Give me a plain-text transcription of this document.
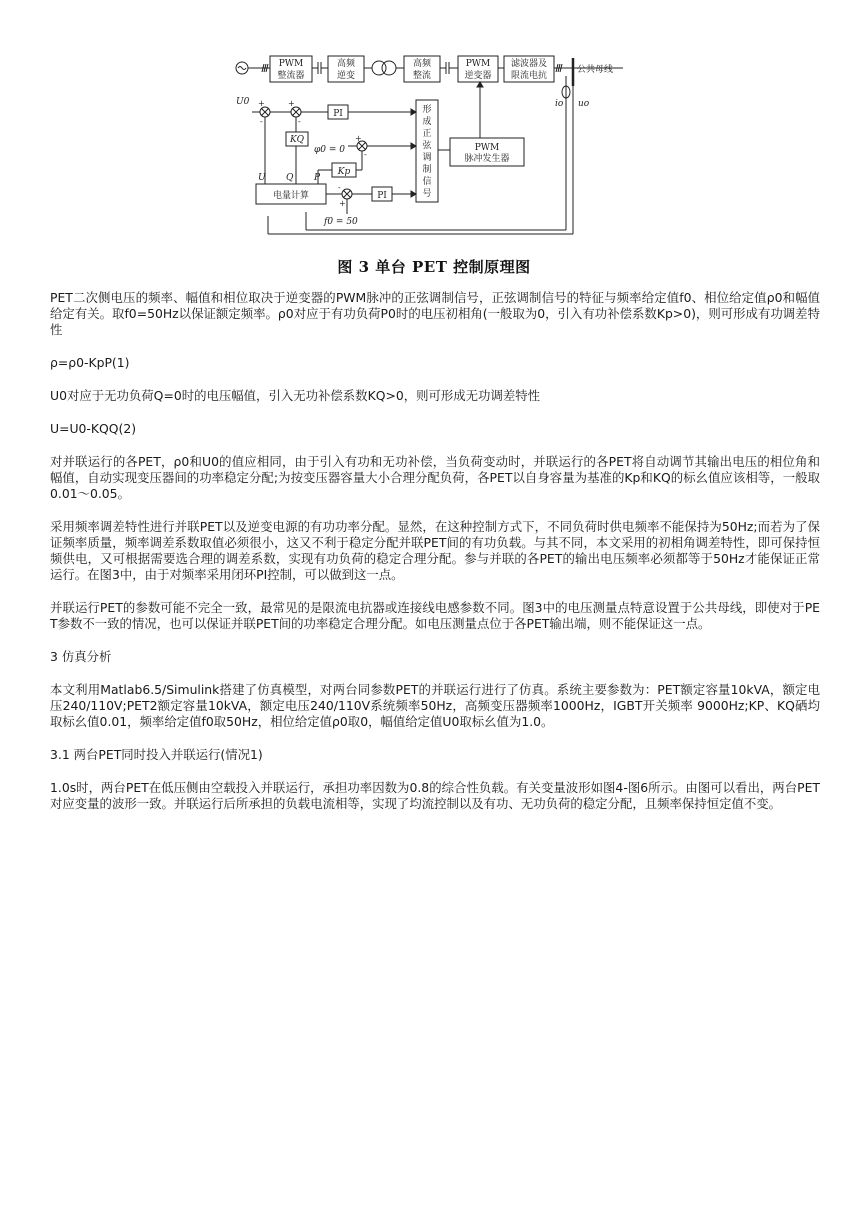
PWM
整流器
高频
逆变
高频
整流
PWM
逆变器
滤波器及
限流电抗
PI
KQ
Kp
PI
PWM
脉冲发生器
电量计算
形
成
正
弦
调
制
信
号
公共母线
U0
φ0 = 0
f0 = 50
U Q P
io uo
+
-
+
-
+
-
-
+
图 3 单台 PET 控制原理图

PET二次侧电压的频率、幅值和相位取决于逆变器的PWM脉冲的正弦调制信号，正弦调制信号的特征与频率给定值f0、相位给定值ρ0和幅值给定有关。取f0=50Hz以保证额定频率。ρ0对应于有功负荷P0时的电压初相角(一般取为0，引入有功补偿系数Kp>0)，则可形成有功调差特性

ρ=ρ0-KpP(1)

U0对应于无功负荷Q=0时的电压幅值，引入无功补偿系数KQ>0，则可形成无功调差特性

U=U0-KQQ(2)

对并联运行的各PET，ρ0和U0的值应相同，由于引入有功和无功补偿，当负荷变动时，并联运行的各PET将自动调节其输出电压的相位角和幅值，自动实现变压器间的功率稳定分配;为按变压器容量大小合理分配负荷，各PET以自身容量为基准的Kp和KQ的标幺值应该相等，一般取0.01～0.05。

采用频率调差特性进行并联PET以及逆变电源的有功功率分配。显然，在这种控制方式下，不同负荷时供电频率不能保持为50Hz;而若为了保证频率质量，频率调差系数取值必须很小，这又不利于稳定分配并联PET间的有功负载。与其不同，本文采用的初相角调差特性，即可保持恒频供电，又可根据需要选合理的调差系数，实现有功负荷的稳定合理分配。参与并联的各PET的输出电压频率必须都等于50Hz才能保证正常运行。在图3中，由于对频率采用闭环PI控制，可以做到这一点。

并联运行PET的参数可能不完全一致，最常见的是限流电抗器或连接线电感参数不同。图3中的电压测量点特意设置于公共母线，即使对于PET参数不一致的情况，也可以保证并联PET间的功率稳定合理分配。如电压测量点位于各PET输出端，则不能保证这一点。

3 仿真分析

本文利用Matlab6.5/Simulink搭建了仿真模型，对两台同参数PET的并联运行进行了仿真。系统主要参数为：PET额定容量10kVA，额定电压240/110V;PET2额定容量10kVA，额定电压240/110V系统频率50Hz，高频变压器频率1000Hz，IGBT开关频率 9000Hz;KP、KQ硒均取标幺值0.01，频率给定值f0取50Hz，相位给定值ρ0取0，幅值给定值U0取标幺值为1.0。

3.1 两台PET同时投入并联运行(情况1)

1.0s时，两台PET在低压侧由空载投入并联运行，承担功率因数为0.8的综合性负载。有关变量波形如图4-图6所示。由图可以看出，两台PET对应变量的波形一致。并联运行后所承担的负载电流相等，实现了均流控制以及有功、无功负荷的稳定分配，且频率保持恒定值不变。
